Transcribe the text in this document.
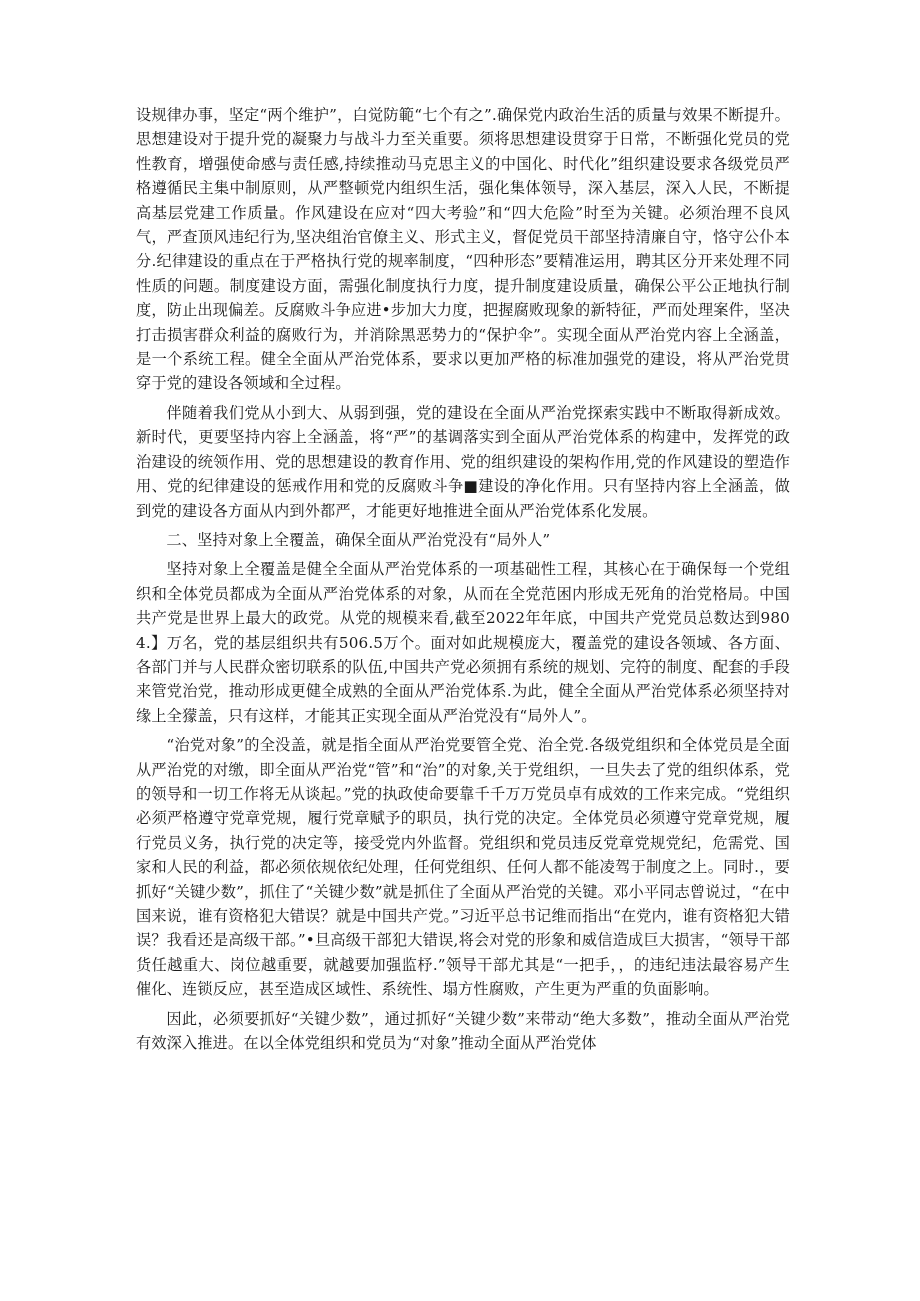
设规律办事，坚定“两个维护”，白觉防範“七个有之”.确保党内政治生活的质量与效果不断提升。思想建设对于提升党的凝聚力与战斗力至关重要。须将思想建设贯穿于日常，不断强化党员的党性教育，增强使命感与责任感,持续推动马克思主义的中国化、时代化”组织建设要求各级党员严格遵循民主集中制原则，从严整顿党内组织生活，强化集体领导，深入基层，深入人民，不断提高基层党建工作质量。作风建设在应对“四大考验”和“四大危险”时至为关键。必须治理不良风气，严查顶风违纪行为,坚决组治官僚主义、形式主义，督促党员干部坚持清廉自守，恪守公仆本分.纪律建设的重点在于严格执行党的规率制度，“四种形态”要精准运用，聘其区分开来处理不同性质的问题。制度建设方面，需强化制度执行力度，提升制度建设质量，确保公平公正地执行制度，防止出现偏差。反腐败斗争应进•步加大力度，把握腐败现象的新特征，严而处理案件，坚决打击损害群众利益的腐败行为，并消除黑恶势力的“保护伞”。实现全面从严治党内容上全涵盖，是一个系统工程。健全全面从严治党体系，要求以更加严格的标准加强党的建设，将从严治党贯穿于党的建设各领域和全过程。

伴随着我们党从小到大、从弱到强，党的建设在全面从严治党探索实践中不断取得新成效。新时代，更要坚持内容上全涵盖，将“严”的基调落实到全面从严治党体系的构建中，发挥党的政治建设的统领作用、党的思想建设的教育作用、党的组织建设的架构作用,党的作风建设的塑造作用、党的纪律建设的惩戒作用和党的反腐败斗争■建设的净化作用。只有坚持内容上全涵盖，做到党的建设各方面从内到外都严，才能更好地推进全面从严治党体系化发展。

二、坚持对象上全覆盖，确保全面从严治党没有“局外人”

坚持对象上全覆盖是健全全面从严治党体系的一项基础性工程，其核心在于确保每一个党组织和全体党员都成为全面从严治党体系的对象，从而在全党范困内形成无死角的治党格局。中国共产党是世界上最大的政党。从党的规模来看,截至2022年年底，中国共产党党员总数达到9804.】万名，党的基层组织共有506.5万个。面对如此规模庞大，覆盖党的建设各领域、各方面、各部门并与人民群众密切联系的队伍,中国共产党必须拥有系统的规划、完符的制度、配套的手段来管党治党，推动形成更健全成熟的全面从严治党体系.为此，健全全面从严治党体系必须坚持对缘上全獴盖，只有这样，才能其正实现全面从严治党没有“局外人”。

“治党对象”的全没盖，就是指全面从严治党要管全党、治全党.各级党组织和全体党员是全面从严治党的对缴，即全面从严治党“管”和“治”的对象,关于党组织，一旦失去了党的组织体系，党的领导和一切工作将无从谈起。”党的执政使命要靠千千万万党员卓有成效的工作来完成。“党组织必须严格遵守党章党规，履行党章赋予的职员，执行党的决定。全体党员必须遵守党章党规，履行党员义务，执行党的决定等，接受党内外监督。党组织和党员违反党章党规党纪，危需党、国家和人民的利益，都必须依规依纪处理，任何党组织、任何人都不能凌驾于制度之上。同时.，要抓好“关键少数”，抓住了“关键少数”就是抓住了全面从严治党的关键。邓小平同志曾说过，“在中国来说，谁有资格犯大错误？就是中国共产党。”习近平总书记维而指出“在党内，谁有资格犯大错误？我看还是高级干部。”•旦高级干部犯大错误,将会对党的形象和威信造成巨大损害，“领导干部货任越重大、岗位越重要，就越要加强监杼.”领导干部尤其是“一把手，，的违纪违法最容易产生催化、连锁反应，甚至造成区域性、系统性、塌方性腐败，产生更为严重的负面影响。

因此，必须要抓好“关键少数”，通过抓好“关键少数”来带动“绝大多数”，推动全面从严治党有效深入推进。在以全体党组织和党员为“对象”推动全面从严治党体
